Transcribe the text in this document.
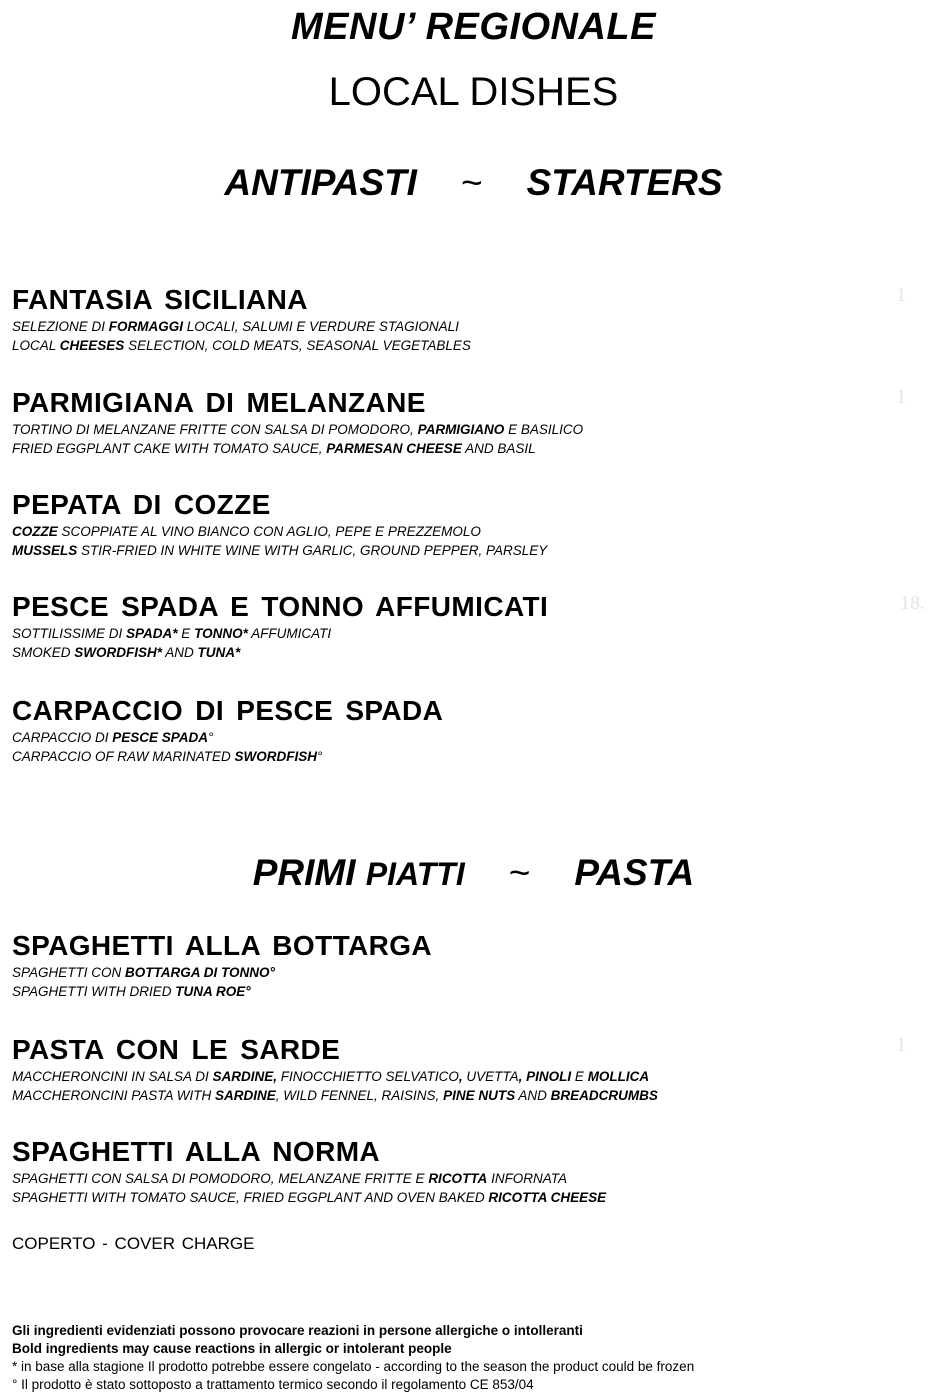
MENU’ REGIONALE
LOCAL DISHES
ANTIPASTI ~ STARTERS
FANTASIA SICILIANA
SELEZIONE DI FORMAGGI LOCALI, SALUMI E VERDURE STAGIONALI
LOCAL CHEESES SELECTION, COLD MEATS, SEASONAL VEGETABLES
PARMIGIANA DI MELANZANE
TORTINO DI MELANZANE FRITTE CON SALSA DI POMODORO, PARMIGIANO E BASILICO
FRIED EGGPLANT CAKE WITH TOMATO SAUCE, PARMESAN CHEESE AND BASIL
PEPATA DI COZZE
COZZE SCOPPIATE AL VINO BIANCO CON AGLIO, PEPE E PREZZEMOLO
MUSSELS STIR-FRIED IN WHITE WINE WITH GARLIC, GROUND PEPPER, PARSLEY
PESCE SPADA E TONNO AFFUMICATI
SOTTILISSIME DI SPADA* E TONNO* AFFUMICATI
SMOKED SWORDFISH* AND TUNA*
CARPACCIO DI PESCE SPADA
CARPACCIO DI PESCE SPADA°
CARPACCIO OF RAW MARINATED SWORDFISH°
PRIMI PIATTI ~ PASTA
SPAGHETTI ALLA BOTTARGA
SPAGHETTI CON BOTTARGA DI TONNO°
SPAGHETTI WITH DRIED TUNA ROE°
PASTA CON LE SARDE
MACCHERONCINI IN SALSA DI SARDINE, FINOCCHIETTO SELVATICO, UVETTA, PINOLI E MOLLICA
MACCHERONCINI PASTA WITH SARDINE, WILD FENNEL, RAISINS, PINE NUTS AND BREADCRUMBS
SPAGHETTI ALLA NORMA
SPAGHETTI CON SALSA DI POMODORO, MELANZANE FRITTE E RICOTTA INFORNATA
SPAGHETTI WITH TOMATO SAUCE, FRIED EGGPLANT AND OVEN BAKED RICOTTA CHEESE
1
1
18.
1
COPERTO - COVER CHARGE
Gli ingredienti evidenziati possono provocare reazioni in persone allergiche o intolleranti
Bold ingredients may cause reactions in allergic or intolerant people
* in base alla stagione Il prodotto potrebbe essere congelato - according to the season the product could be frozen
° Il prodotto è stato sottoposto a trattamento termico secondo il regolamento CE 853/04
